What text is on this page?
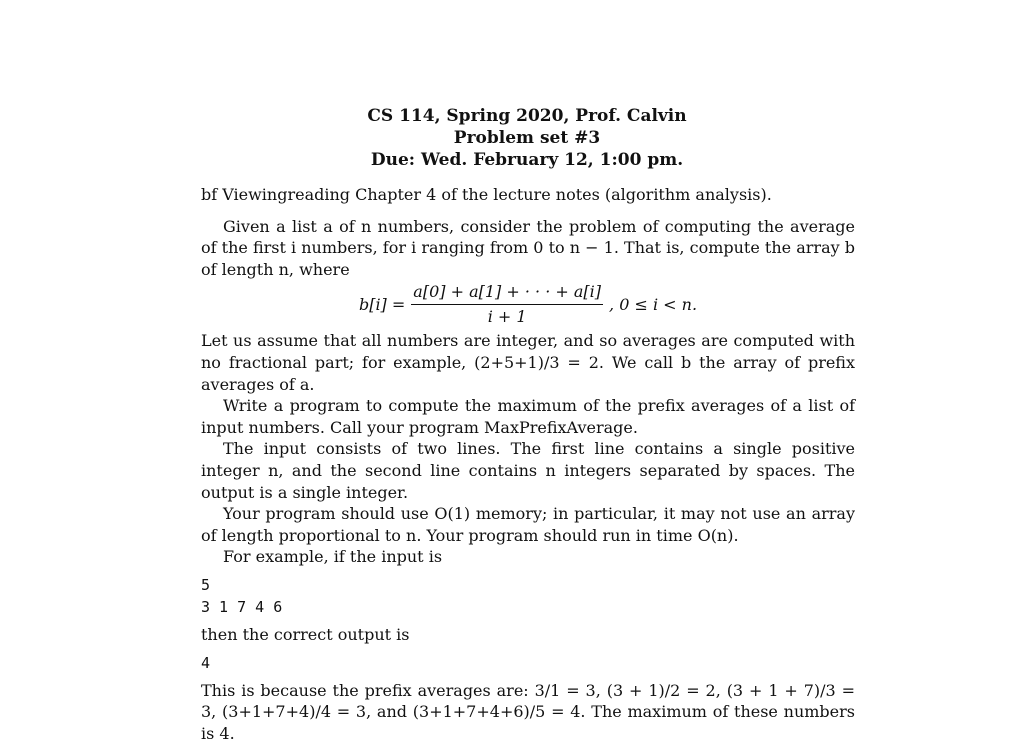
CS 114, Spring 2020, Prof. Calvin
Problem set #3
Due: Wed. February 12, 1:00 pm.

bf Viewingreading Chapter 4 of the lecture notes (algorithm analysis).

Given a list a of n numbers, consider the problem of computing the average of the first i numbers, for i ranging from 0 to n − 1. That is, compute the array b of length n, where

$b[i] = \frac{a[0] + a[1] + \cdot \cdot \cdot + a[i]}{i + 1}$ , 0 ≤ i < n.

Let us assume that all numbers are integer, and so averages are computed with no fractional part; for example, (2+5+1)/3 = 2. We call b the array of prefix averages of a.

Write a program to compute the maximum of the prefix averages of a list of input numbers. Call your program MaxPrefixAverage.

The input consists of two lines. The first line contains a single positive integer n, and the second line contains n integers separated by spaces. The output is a single integer.

Your program should use O(1) memory; in particular, it may not use an array of length proportional to n. Your program should run in time O(n).

For example, if the input is

5
3 1 7 4 6

then the correct output is

4

This is because the prefix averages are: 3/1 = 3, (3 + 1)/2 = 2, (3 + 1 + 7)/3 = 3, (3+1+7+4)/4 = 3, and (3+1+7+4+6)/5 = 4. The maximum of these numbers is 4.
